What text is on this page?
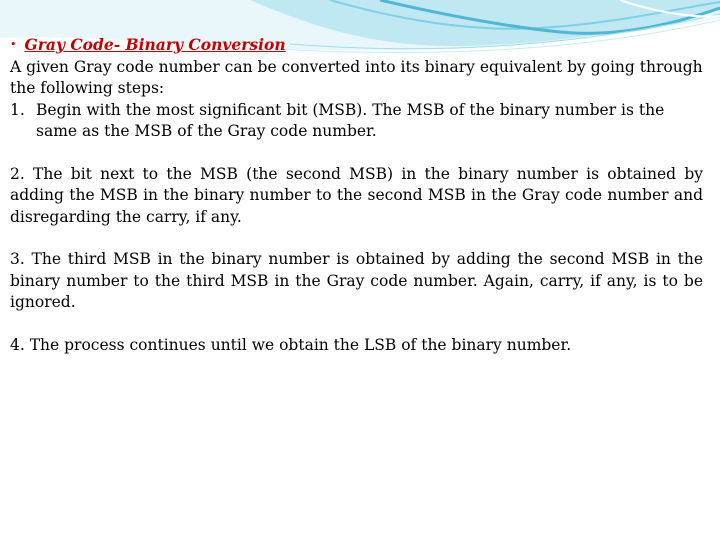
• Gray Code- Binary Conversion

A given Gray code number can be converted into its binary equivalent by going through the following steps:

1. Begin with the most significant bit (MSB). The MSB of the binary number is the same as the MSB of the Gray code number.

2. The bit next to the MSB (the second MSB) in the binary number is obtained by adding the MSB in the binary number to the second MSB in the Gray code number and disregarding the carry, if any.

3. The third MSB in the binary number is obtained by adding the second MSB in the binary number to the third MSB in the Gray code number. Again, carry, if any, is to be ignored.

4. The process continues until we obtain the LSB of the binary number.
